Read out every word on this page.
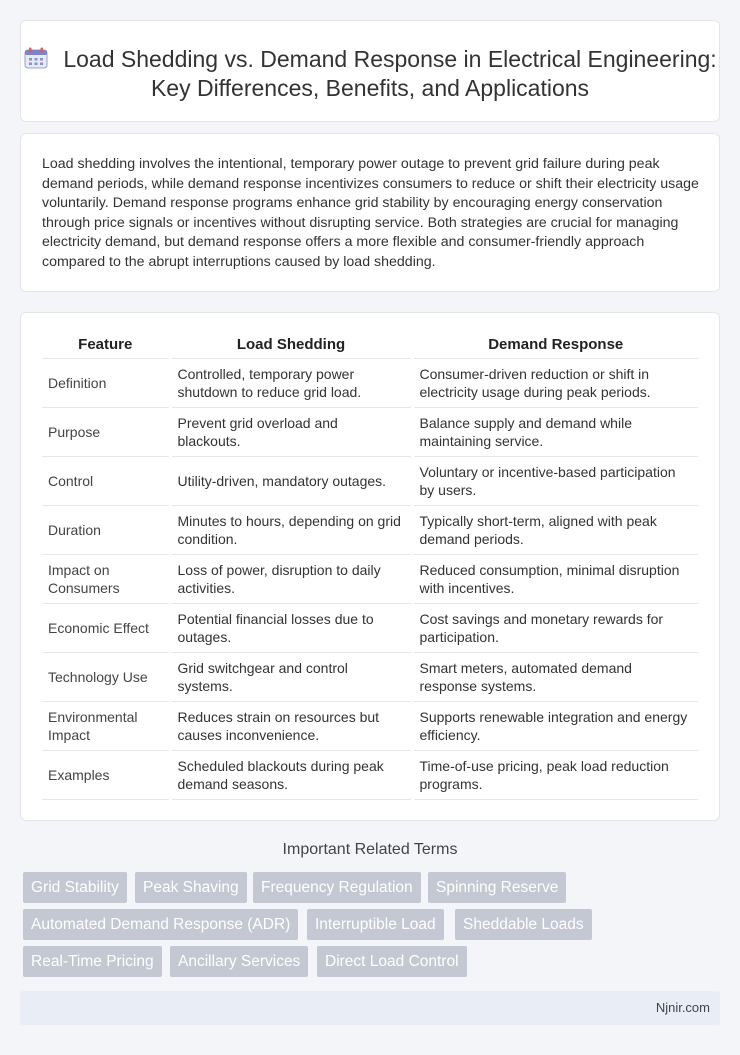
Load Shedding vs. Demand Response in Electrical Engineering: Key Differences, Benefits, and Applications

Load shedding involves the intentional, temporary power outage to prevent grid failure during peak demand periods, while demand response incentivizes consumers to reduce or shift their electricity usage voluntarily. Demand response programs enhance grid stability by encouraging energy conservation through price signals or incentives without disrupting service. Both strategies are crucial for managing electricity demand, but demand response offers a more flexible and consumer-friendly approach compared to the abrupt interruptions caused by load shedding.

Feature	Load Shedding	Demand Response
Definition	Controlled, temporary power shutdown to reduce grid load.	Consumer-driven reduction or shift in electricity usage during peak periods.
Purpose	Prevent grid overload and blackouts.	Balance supply and demand while maintaining service.
Control	Utility-driven, mandatory outages.	Voluntary or incentive-based participation by users.
Duration	Minutes to hours, depending on grid condition.	Typically short-term, aligned with peak demand periods.
Impact on Consumers	Loss of power, disruption to daily activities.	Reduced consumption, minimal disruption with incentives.
Economic Effect	Potential financial losses due to outages.	Cost savings and monetary rewards for participation.
Technology Use	Grid switchgear and control systems.	Smart meters, automated demand response systems.
Environmental Impact	Reduces strain on resources but causes inconvenience.	Supports renewable integration and energy efficiency.
Examples	Scheduled blackouts during peak demand seasons.	Time-of-use pricing, peak load reduction programs.
Important Related Terms
Grid Stability	Peak Shaving	Frequency Regulation	Spinning Reserve
Automated Demand Response (ADR)	Interruptible Load	Sheddable Loads
Real-Time Pricing	Ancillary Services	Direct Load Control
Njnir.com
